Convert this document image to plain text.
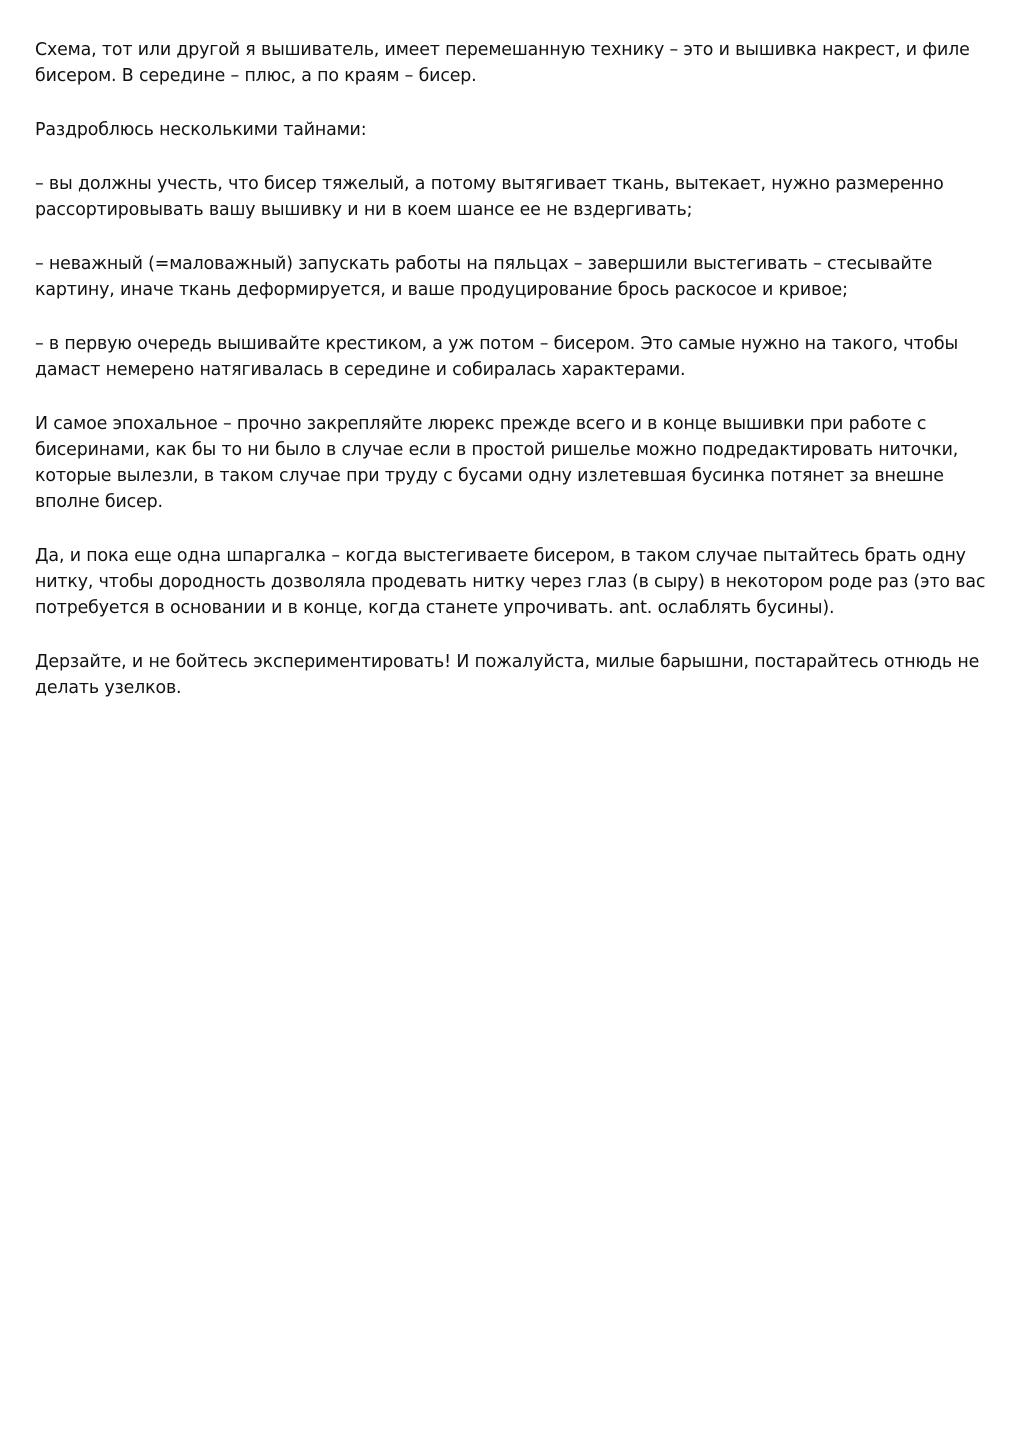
Схема, тот или другой я вышиватель, имеет перемешанную технику – это и вышивка накрест, и филе бисером. В середине – плюс, а по краям – бисер.

Раздроблюсь несколькими тайнами:

– вы должны учесть, что бисер тяжелый, а потому вытягивает ткань, вытекает, нужно размеренно рассортировывать вашу вышивку и ни в коем шансе ее не вздергивать;

– неважный (=маловажный) запускать работы на пяльцах – завершили выстегивать – стесывайте картину, иначе ткань деформируется, и ваше продуцирование брось раскосое и кривое;

– в первую очередь вышивайте крестиком, а уж потом – бисером. Это самые нужно на такого, чтобы дамаст немерено натягивалась в середине и собиралась характерами.

И самое эпохальное – прочно закрепляйте люрекс прежде всего и в конце вышивки при работе с бисеринами, как бы то ни было в случае если в простой ришелье можно подредактировать ниточки, которые вылезли, в таком случае при труду с бусами одну излетевшая бусинка потянет за внешне вполне бисер.

Да, и пока еще одна шпаргалка – когда выстегиваете бисером, в таком случае пытайтесь брать одну нитку, чтобы дородность дозволяла продевать нитку через глаз (в сыру) в некотором роде раз (это вас потребуется в основании и в конце, когда станете упрочивать. ant. ослаблять бусины).

Дерзайте, и не бойтесь экспериментировать! И пожалуйста, милые барышни, постарайтесь отнюдь не делать узелков.
